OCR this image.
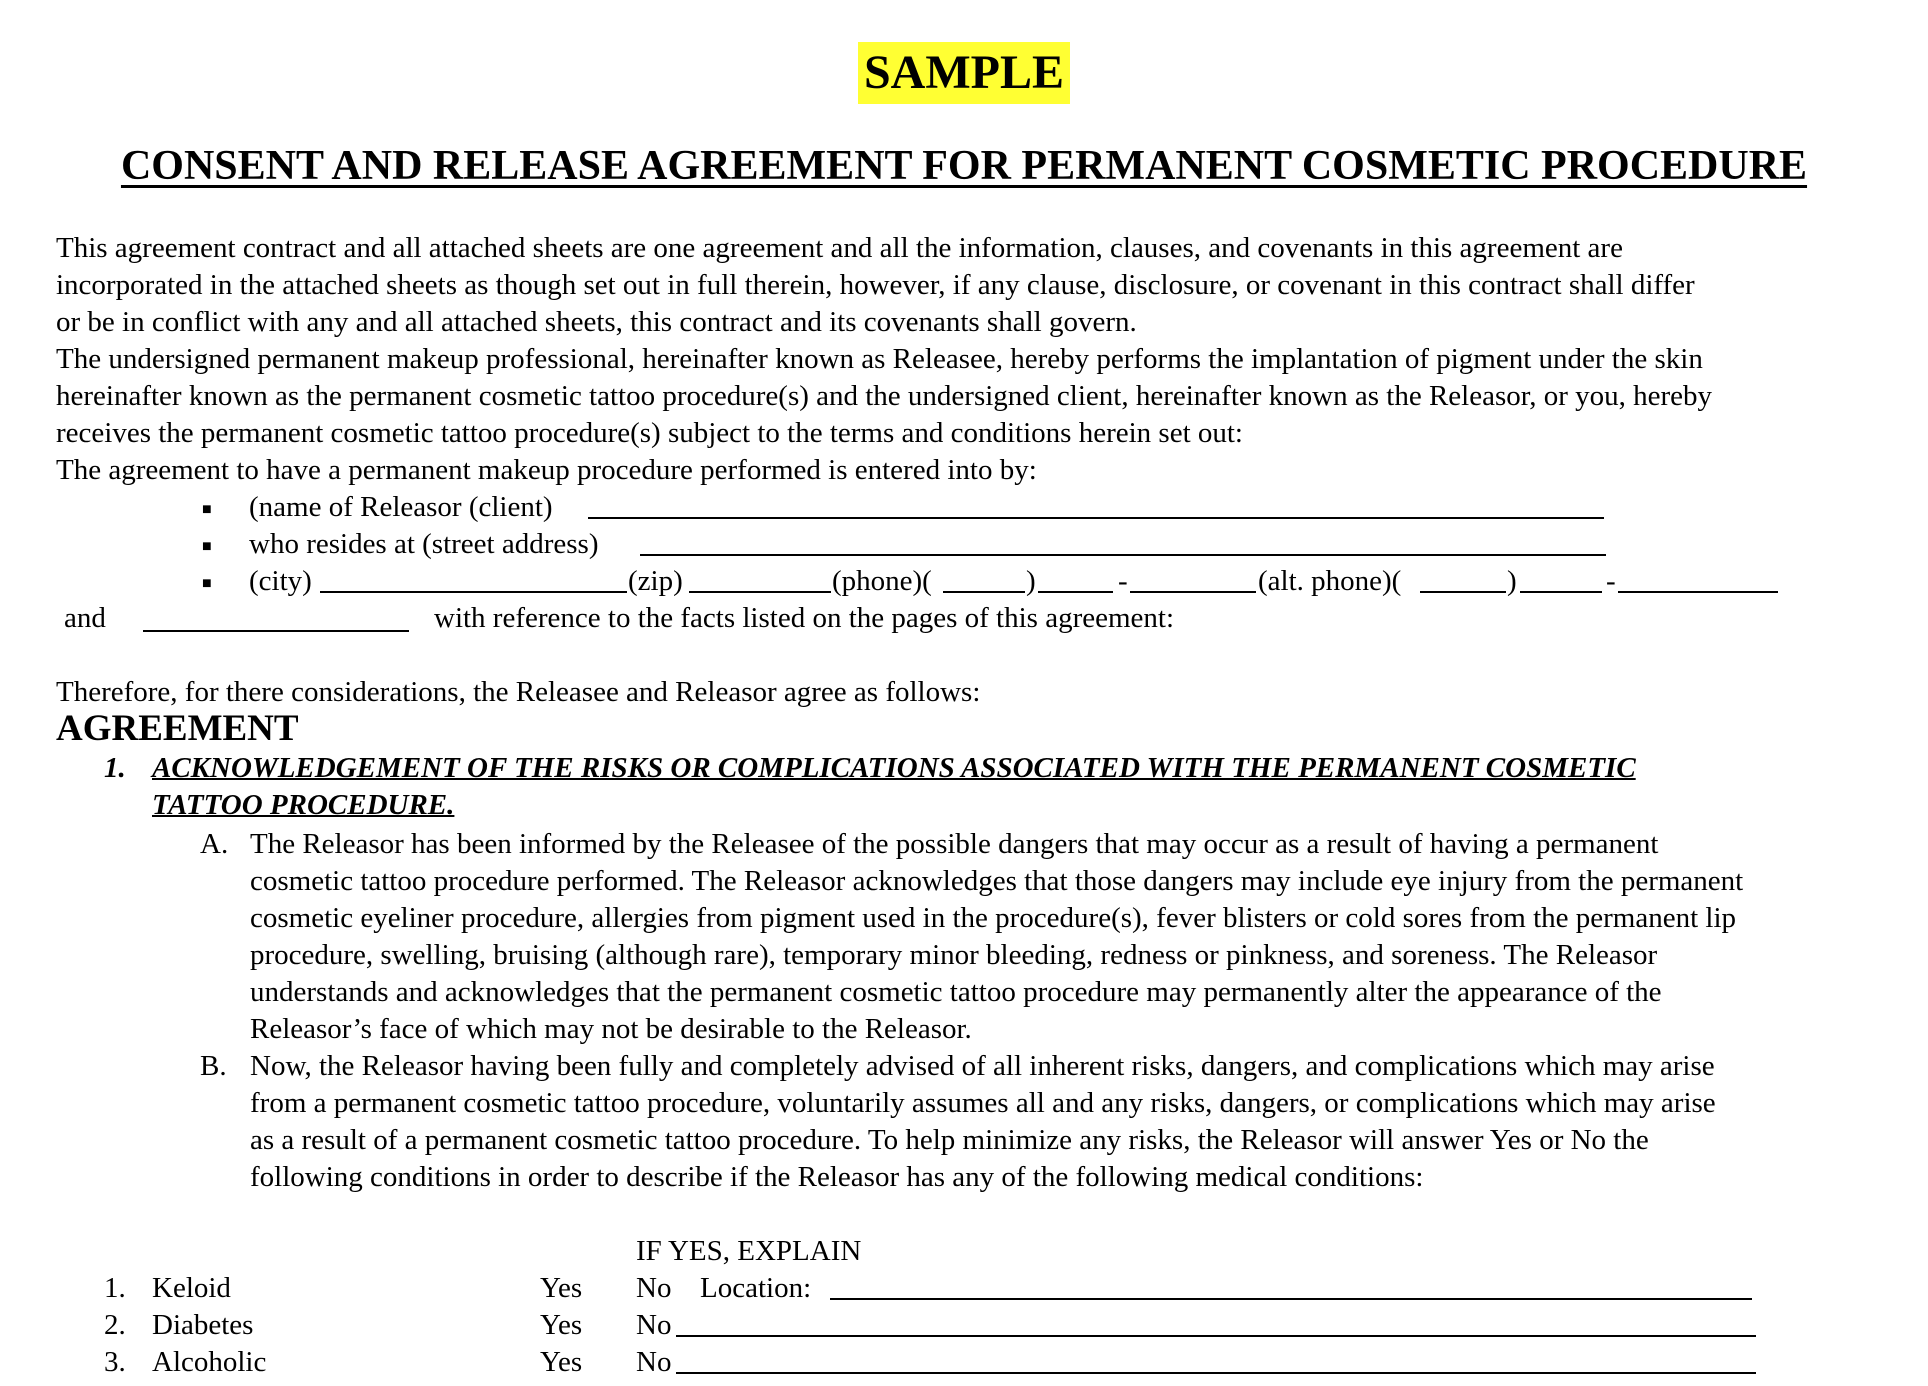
SAMPLE
CONSENT AND RELEASE AGREEMENT FOR PERMANENT COSMETIC PROCEDURE
This agreement contract and all attached sheets are one agreement and all the information, clauses, and covenants in this agreement are
incorporated in the attached sheets as though set out in full therein, however, if any clause, disclosure, or covenant in this contract shall differ
or be in conflict with any and all attached sheets, this contract and its covenants shall govern.
The undersigned permanent makeup professional, hereinafter known as Releasee, hereby performs the implantation of pigment under the skin
hereinafter known as the permanent cosmetic tattoo procedure(s) and the undersigned client, hereinafter known as the Releasor, or you, hereby
receives the permanent cosmetic tattoo procedure(s) subject to the terms and conditions herein set out:
The agreement to have a permanent makeup procedure performed is entered into by:
■ (name of Releasor (client)
■ who resides at (street address)
■ (city)	(zip)	(phone)(	)	-	(alt. phone)(	)	-
and	with reference to the facts listed on the pages of this agreement:
Therefore, for there considerations, the Releasee and Releasor agree as follows:
AGREEMENT
1. ACKNOWLEDGEMENT OF THE RISKS OR COMPLICATIONS ASSOCIATED WITH THE PERMANENT COSMETIC
TATTOO PROCEDURE.
A. The Releasor has been informed by the Releasee of the possible dangers that may occur as a result of having a permanent
cosmetic tattoo procedure performed. The Releasor acknowledges that those dangers may include eye injury from the permanent
cosmetic eyeliner procedure, allergies from pigment used in the procedure(s), fever blisters or cold sores from the permanent lip
procedure, swelling, bruising (although rare), temporary minor bleeding, redness or pinkness, and soreness. The Releasor
understands and acknowledges that the permanent cosmetic tattoo procedure may permanently alter the appearance of the
Releasor’s face of which may not be desirable to the Releasor.
B. Now, the Releasor having been fully and completely advised of all inherent risks, dangers, and complications which may arise
from a permanent cosmetic tattoo procedure, voluntarily assumes all and any risks, dangers, or complications which may arise
as a result of a permanent cosmetic tattoo procedure. To help minimize any risks, the Releasor will answer Yes or No the
following conditions in order to describe if the Releasor has any of the following medical conditions:
IF YES, EXPLAIN
1. Keloid	Yes No Location:
2. Diabetes	Yes No
3. Alcoholic	Yes No
